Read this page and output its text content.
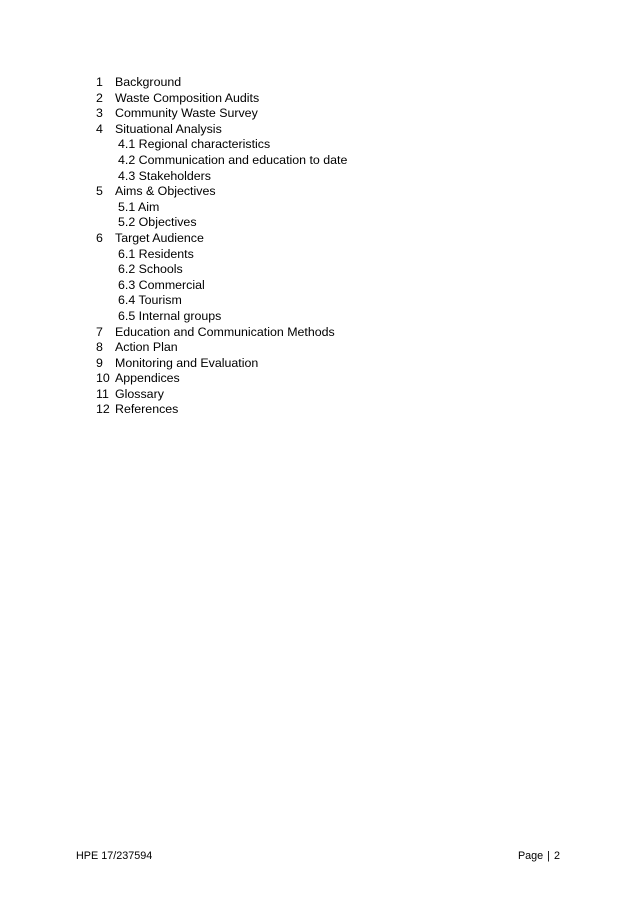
1 Background
2 Waste Composition Audits
3 Community Waste Survey
4 Situational Analysis
4.1 Regional characteristics
4.2 Communication and education to date
4.3 Stakeholders
5 Aims & Objectives
5.1 Aim
5.2 Objectives
6 Target Audience
6.1 Residents
6.2 Schools
6.3 Commercial
6.4 Tourism
6.5 Internal groups
7 Education and Communication Methods
8 Action Plan
9 Monitoring and Evaluation
10 Appendices
11 Glossary
12 References
HPE 17/237594	Page | 2
